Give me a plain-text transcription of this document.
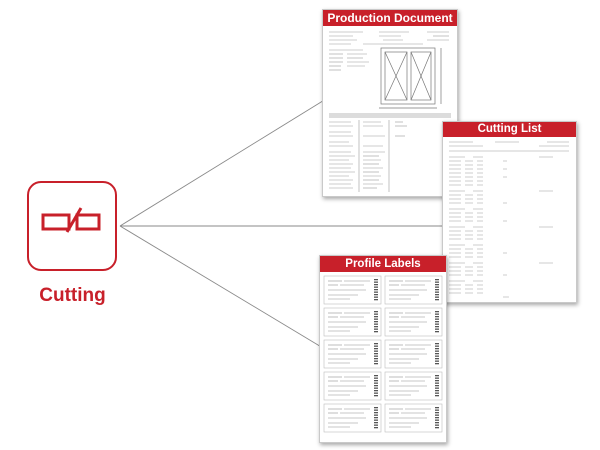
Cutting
Production Document
Cutting List
Profile Labels
